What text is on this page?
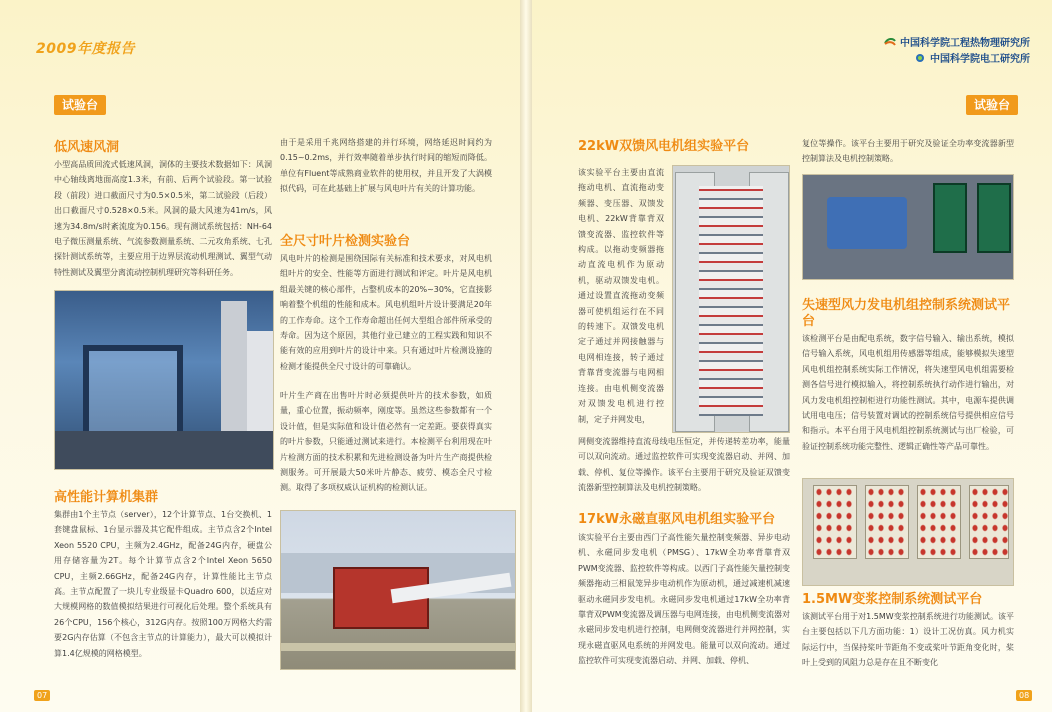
2009年度报告	中国科学院工程热物理研究所
中国科学院电工研究所
试验台	试验台
低风速风洞
小型高品质回流式低速风洞，洞体的主要技术数据如下：风洞中心轴线离地面高度1.3米，有前、后两个试验段。第一试验段（前段）进口截面尺寸为0.5×0.5米，第二试验段（后段）出口截面尺寸0.528×0.5米。风洞的最大风速为41m/s，风速为34.8m/s时紊流度为0.156。现有测试系统包括：NH-64电子微压测量系统、气流参数测量系统、二元攻角系统、七孔探针测试系统等，主要应用于边界层流动机理测试、翼型气动特性测试及翼型分离流动控制机理研究等科研任务。
高性能计算机集群
集群由1个主节点（server），12个计算节点、1台交换机、1套键盘鼠标、1台显示器及其它配件组成。主节点含2个Intel Xeon 5520 CPU，主频为2.4GHz，配备24G内存，硬盘公用存储容量为2T。每个计算节点含2个Intel Xeon 5650 CPU，主频2.66GHz，配备24G内存，计算性能比主节点高。主节点配置了一块儿专业级显卡Quadro 600，以适应对大规模网格的数值模拟结果进行可视化后处理。整个系统具有26个CPU，156个核心，312G内存。按照100万网格大约需要2G内存估算（不包含主节点的计算能力），最大可以模拟计算1.4亿规模的网格模型。
由于是采用千兆网络搭建的并行环境，网络延迟时间约为0.15~0.2ms，并行效率随着单步执行时间的缩短而降低。单位有Fluent等成熟商业软件的使用权，并且开发了大涡模拟代码，可在此基础上扩展与风电叶片有关的计算功能。
全尺寸叶片检测实验台
风电叶片的检测是围绕国际有关标准和技术要求，对风电机组叶片的安全、性能等方面进行测试和评定。叶片是风电机组最关键的核心部件，占整机成本的20%~30%，它直接影响着整个机组的性能和成本。风电机组叶片设计要满足20年的工作寿命。这个工作寿命超出任何大型组合部件所承受的寿命。因为这个原因，其他行业已建立的工程实践和知识不能有效的应用到叶片的设计中来。只有通过叶片检测设施的检测才能提供全尺寸设计的可靠确认。
叶片生产商在出售叶片时必须提供叶片的技术参数，如质量，重心位置，振动频率，刚度等。虽然这些参数都有一个设计值，但是实际值和设计值必然有一定差距。要获得真实的叶片参数，只能通过测试来进行。本检测平台利用现在叶片检测方面的技术积累和先进检测设备为叶片生产商提供检测服务。可开展最大50米叶片静态、疲劳、模态全尺寸检测。取得了多项权威认证机构的检测认证。
22kW双馈风电机组实验平台
该实验平台主要由直流拖动电机、直流拖动变频器、变压器、双馈发电机、22kW背靠背双馈变流器、监控软件等构成。以拖动变频器拖动直流电机作为原动机，驱动双馈发电机。通过设置直流拖动变频器可使机组运行在不同的转速下。双馈发电机定子通过并网接触器与电网相连接，转子通过背靠背变流器与电网相连接。由电机侧变流器对双馈发电机进行控制，定子并网发电，
网侧变流器维持直流母线电压恒定，并传递转差功率，能量可以双向流动。通过监控软件可实现变流器启动、并网、加载、停机、复位等操作。该平台主要用于研究及验证双馈变流器新型控制算法及电机控制策略。
17kW永磁直驱风电机组实验平台
该实验平台主要由西门子高性能矢量控制变频器、异步电动机、永磁同步发电机（PMSG）、17kW全功率背靠背双PWM变流器、监控软件等构成。以西门子高性能矢量控制变频器拖动三相鼠笼异步电动机作为原动机，通过减速机减速驱动永磁同步发电机。永磁同步发电机通过17kW全功率背靠背双PWM变流器及调压器与电网连接，由电机侧变流器对永磁同步发电机进行控制，电网侧变流器进行并网控制，实现永磁直驱风电系统的并网发电。能量可以双向流动。通过监控软件可实现变流器启动、并网、加载、停机、
复位等操作。该平台主要用于研究及验证全功率变流器新型控制算法及电机控制策略。
失速型风力发电机组控制系统测试平台
该检测平台是由配电系统，数字信号输入、输出系统，模拟信号输入系统，风电机组用传感器等组成，能够模拟失速型风电机组控制系统实际工作情况，将失速型风电机组需要检测各信号进行模拟输入，将控制系统执行动作进行输出，对风力发电机组控制柜进行功能性测试。其中，电源车提供调试用电电压；信号装置对调试的控制系统信号提供相应信号和指示。本平台用于风电机组控制系统测试与出厂检验，可验证控制系统功能完整性、逻辑正确性等产品可靠性。
1.5MW变浆控制系统测试平台
该测试平台用于对1.5MW变浆控制系统进行功能测试。该平台主要包括以下几方面功能：1）设计工况仿真。风力机实际运行中，当保持桨叶节距角不变或桨叶节距角变化时，桨叶上受到的风阻力总是存在且不断变化
07	08
